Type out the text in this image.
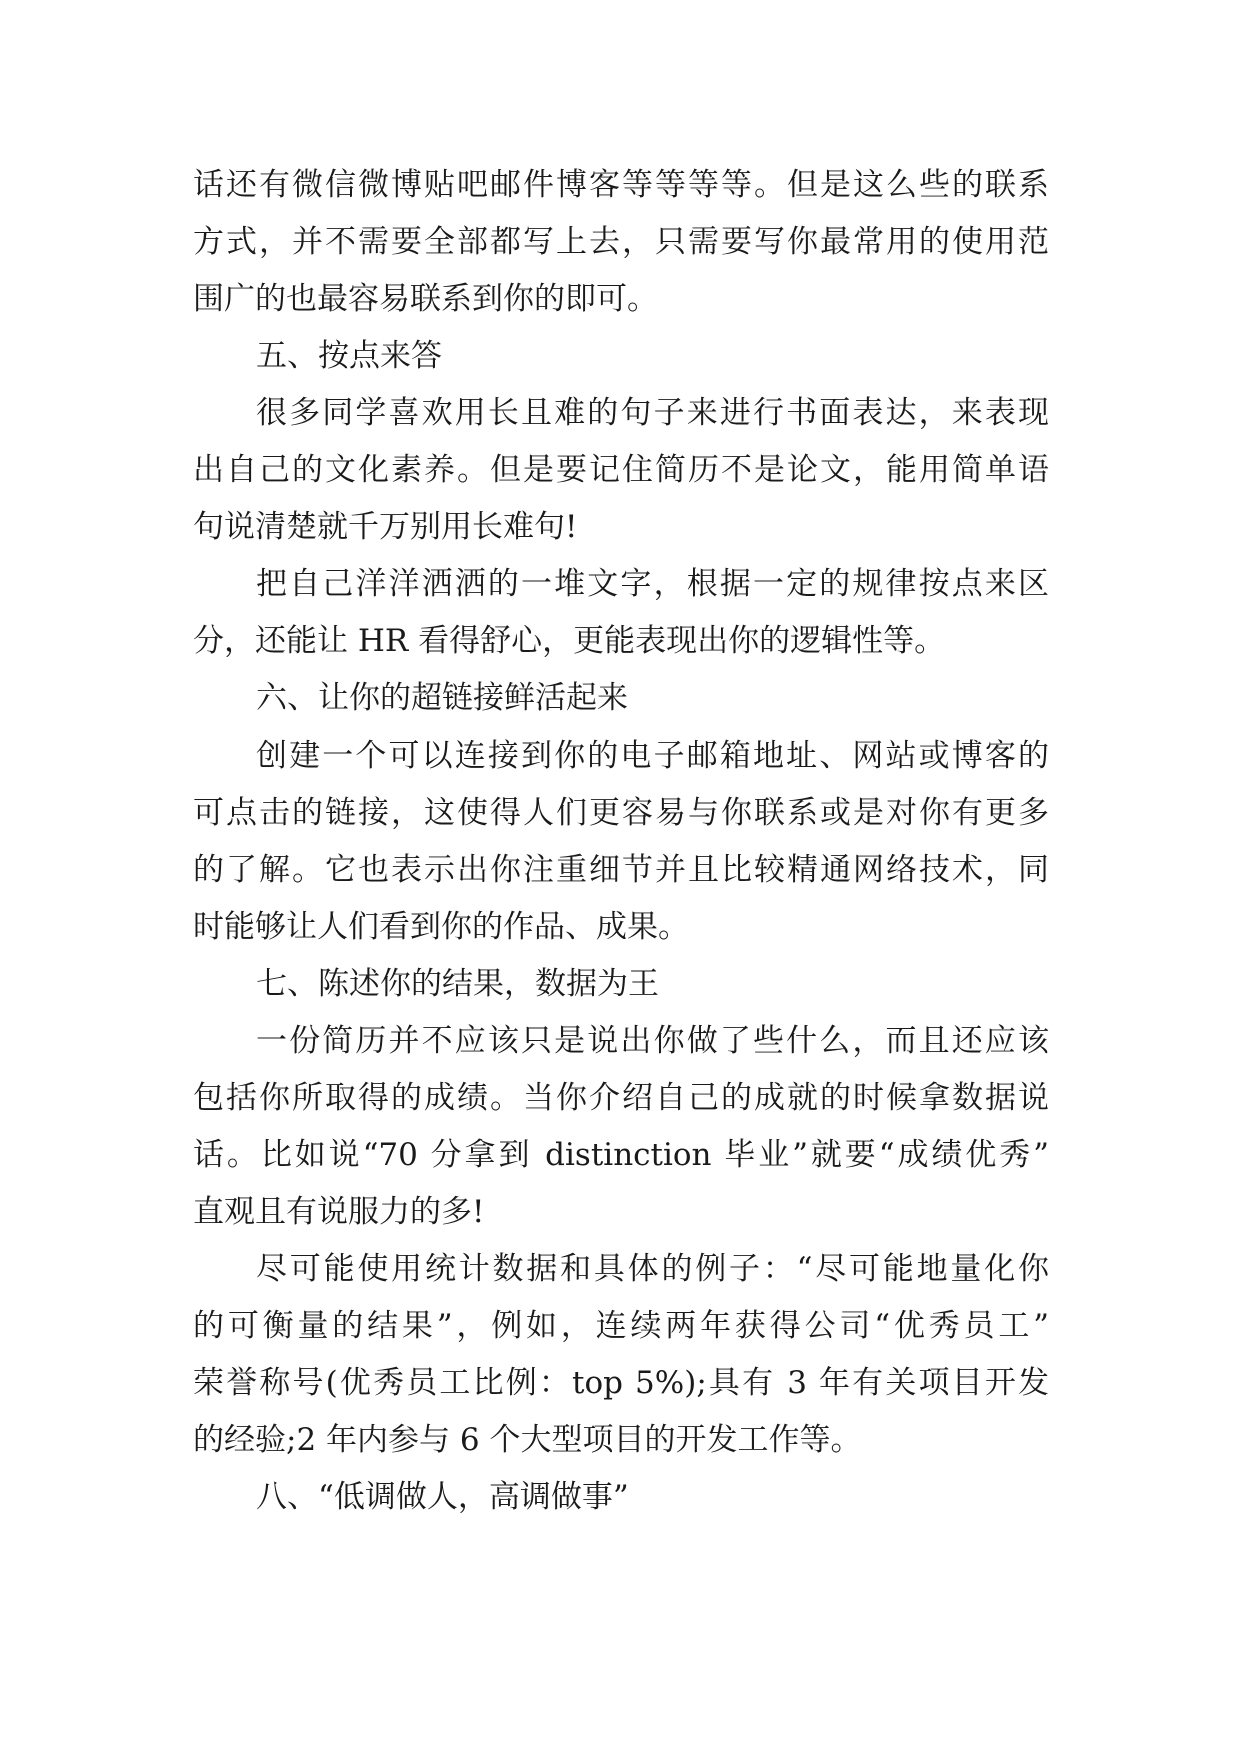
话还有微信微博贴吧邮件博客等等等等。但是这么些的联系
方式，并不需要全部都写上去，只需要写你最常用的使用范
围广的也最容易联系到你的即可。
五、按点来答
很多同学喜欢用长且难的句子来进行书面表达，来表现
出自己的文化素养。但是要记住简历不是论文，能用简单语
句说清楚就千万别用长难句!
把自己洋洋洒洒的一堆文字，根据一定的规律按点来区
分，还能让 HR 看得舒心，更能表现出你的逻辑性等。
六、让你的超链接鲜活起来
创建一个可以连接到你的电子邮箱地址、网站或博客的
可点击的链接，这使得人们更容易与你联系或是对你有更多
的了解。它也表示出你注重细节并且比较精通网络技术，同
时能够让人们看到你的作品、成果。
七、陈述你的结果，数据为王
一份简历并不应该只是说出你做了些什么，而且还应该
包括你所取得的成绩。当你介绍自己的成就的时候拿数据说
话。比如说“70 分拿到 distinction 毕业”就要“成绩优秀”
直观且有说服力的多!
尽可能使用统计数据和具体的例子：“尽可能地量化你
的可衡量的结果”，例如，连续两年获得公司“优秀员工”
荣誉称号(优秀员工比例：top 5%);具有 3 年有关项目开发
的经验;2 年内参与 6 个大型项目的开发工作等。
八、“低调做人，高调做事”
